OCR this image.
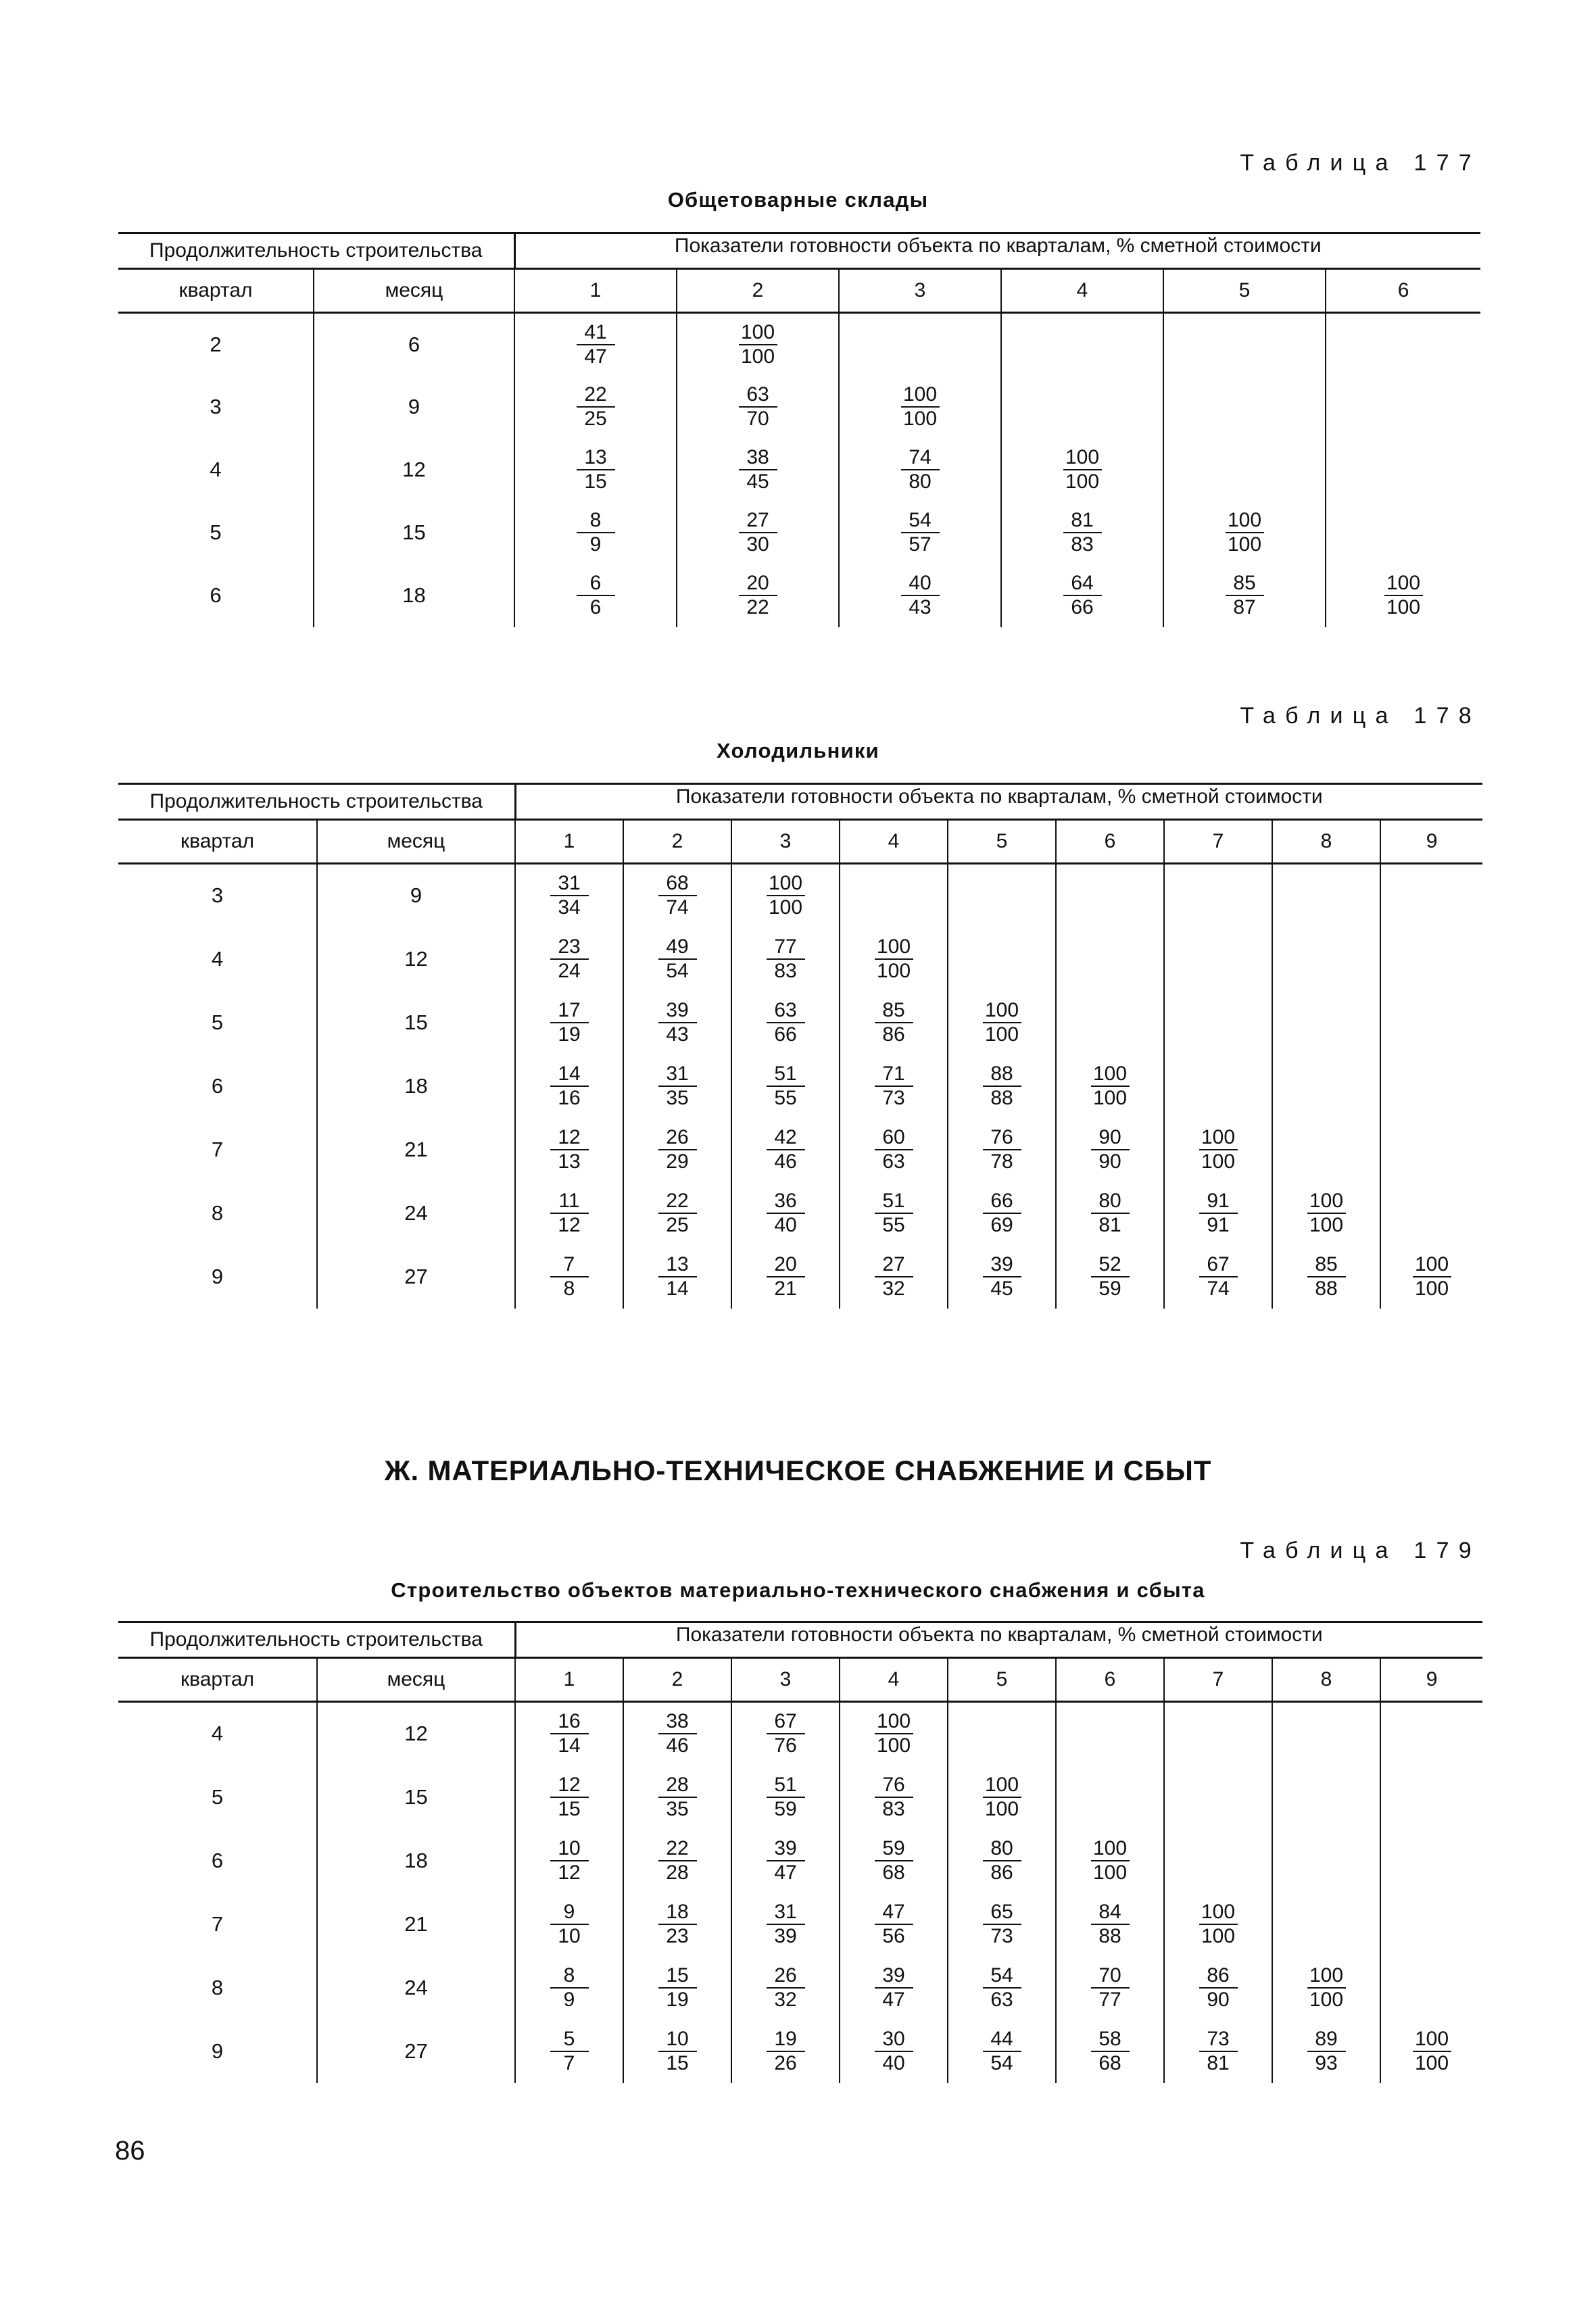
Таблица 177
Общетоварные склады
Продолжительность строительства		Показатели готовности объекта по кварталам, % сметной стоимости					
квартал	месяц	1	2	3	4	5	6
2	6	$\frac{41}{47}$	$\frac{100}{100}$

3	9	$\frac{22}{25}$	$\frac{63}{70}$	$\frac{100}{100}$

4	12	$\frac{13}{15}$	$\frac{38}{45}$	$\frac{74}{80}$	$\frac{100}{100}$

5	15	$\frac{8}{9}$	$\frac{27}{30}$	$\frac{54}{57}$	$\frac{81}{83}$	$\frac{100}{100}$

6	18	$\frac{6}{6}$	$\frac{20}{22}$	$\frac{40}{43}$	$\frac{64}{66}$	$\frac{85}{87}$	$\frac{100}{100}$
Таблица 178
Холодильники
Продолжительность строительства		Показатели готовности объекта по кварталам, % сметной стоимости								
квартал	месяц	1	2	3	4	5	6	7	8	9
3	9	$\frac{31}{34}$	$\frac{68}{74}$	$\frac{100}{100}$

4	12	$\frac{23}{24}$	$\frac{49}{54}$	$\frac{77}{83}$	$\frac{100}{100}$

5	15	$\frac{17}{19}$	$\frac{39}{43}$	$\frac{63}{66}$	$\frac{85}{86}$	$\frac{100}{100}$

6	18	$\frac{14}{16}$	$\frac{31}{35}$	$\frac{51}{55}$	$\frac{71}{73}$	$\frac{88}{88}$	$\frac{100}{100}$

7	21	$\frac{12}{13}$	$\frac{26}{29}$	$\frac{42}{46}$	$\frac{60}{63}$	$\frac{76}{78}$	$\frac{90}{90}$	$\frac{100}{100}$

8	24	$\frac{11}{12}$	$\frac{22}{25}$	$\frac{36}{40}$	$\frac{51}{55}$	$\frac{66}{69}$	$\frac{80}{81}$	$\frac{91}{91}$	$\frac{100}{100}$

9	27	$\frac{7}{8}$	$\frac{13}{14}$	$\frac{20}{21}$	$\frac{27}{32}$	$\frac{39}{45}$	$\frac{52}{59}$	$\frac{67}{74}$	$\frac{85}{88}$	$\frac{100}{100}$
Ж. МАТЕРИАЛЬНО-ТЕХНИЧЕСКОЕ СНАБЖЕНИЕ И СБЫТ
Таблица 179
Строительство объектов материально-технического снабжения и сбыта
Продолжительность строительства		Показатели готовности объекта по кварталам, % сметной стоимости								
квартал	месяц	1	2	3	4	5	6	7	8	9
4	12	$\frac{16}{14}$	$\frac{38}{46}$	$\frac{67}{76}$	$\frac{100}{100}$

5	15	$\frac{12}{15}$	$\frac{28}{35}$	$\frac{51}{59}$	$\frac{76}{83}$	$\frac{100}{100}$

6	18	$\frac{10}{12}$	$\frac{22}{28}$	$\frac{39}{47}$	$\frac{59}{68}$	$\frac{80}{86}$	$\frac{100}{100}$

7	21	$\frac{9}{10}$	$\frac{18}{23}$	$\frac{31}{39}$	$\frac{47}{56}$	$\frac{65}{73}$	$\frac{84}{88}$	$\frac{100}{100}$

8	24	$\frac{8}{9}$	$\frac{15}{19}$	$\frac{26}{32}$	$\frac{39}{47}$	$\frac{54}{63}$	$\frac{70}{77}$	$\frac{86}{90}$	$\frac{100}{100}$

9	27	$\frac{5}{7}$	$\frac{10}{15}$	$\frac{19}{26}$	$\frac{30}{40}$	$\frac{44}{54}$	$\frac{58}{68}$	$\frac{73}{81}$	$\frac{89}{93}$	$\frac{100}{100}$
86
